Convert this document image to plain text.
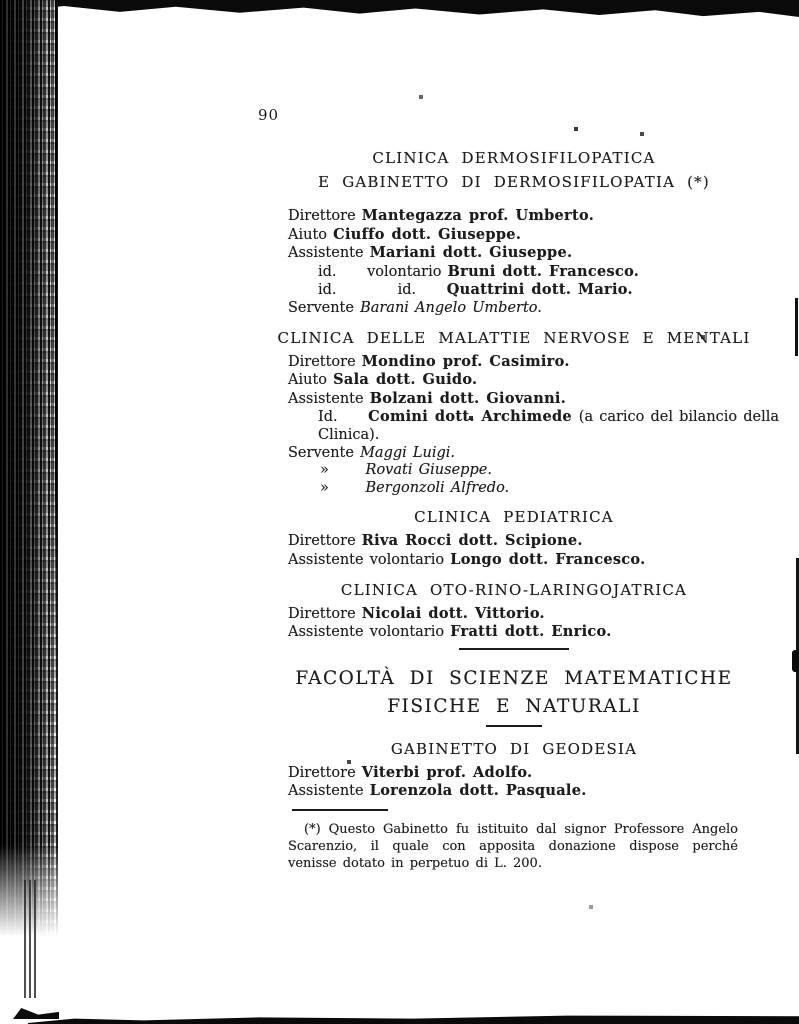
90
CLINICA DERMOSIFILOPATICA
E GABINETTO DI DERMOSIFILOPATIA (*)
Direttore Mantegazza prof. Umberto.
Aiuto Ciuffo dott. Giuseppe.
Assistente Mariani dott. Giuseppe.
id.     volontario Bruni dott. Francesco.
id.          id.     Quattrini dott. Mario.
Servente Barani Angelo Umberto.
CLINICA DELLE MALATTIE NERVOSE E MENTALI
Direttore Mondino prof. Casimiro.
Aiuto Sala dott. Guido.
Assistente Bolzani dott. Giovanni.
Id.     Comini dott. Archimede (a carico del bilancio della
Clinica).
Servente Maggi Luigi.
»      Rovati Giuseppe.
»      Bergonzoli Alfredo.
CLINICA PEDIATRICA
Direttore Riva Rocci dott. Scipione.
Assistente volontario Longo dott. Francesco.
CLINICA OTO-RINO-LARINGOJATRICA
Direttore Nicolai dott. Vittorio.
Assistente volontario Fratti dott. Enrico.
FACOLTÀ DI SCIENZE MATEMATICHE
FISICHE E NATURALI
GABINETTO DI GEODESIA
Direttore Viterbi prof. Adolfo.
Assistente Lorenzola dott. Pasquale.

(*) Questo Gabinetto fu istituito dal signor Professore Angelo Scarenzio, il quale con apposita donazione dispose perché venisse dotato in perpetuo di L. 200.
